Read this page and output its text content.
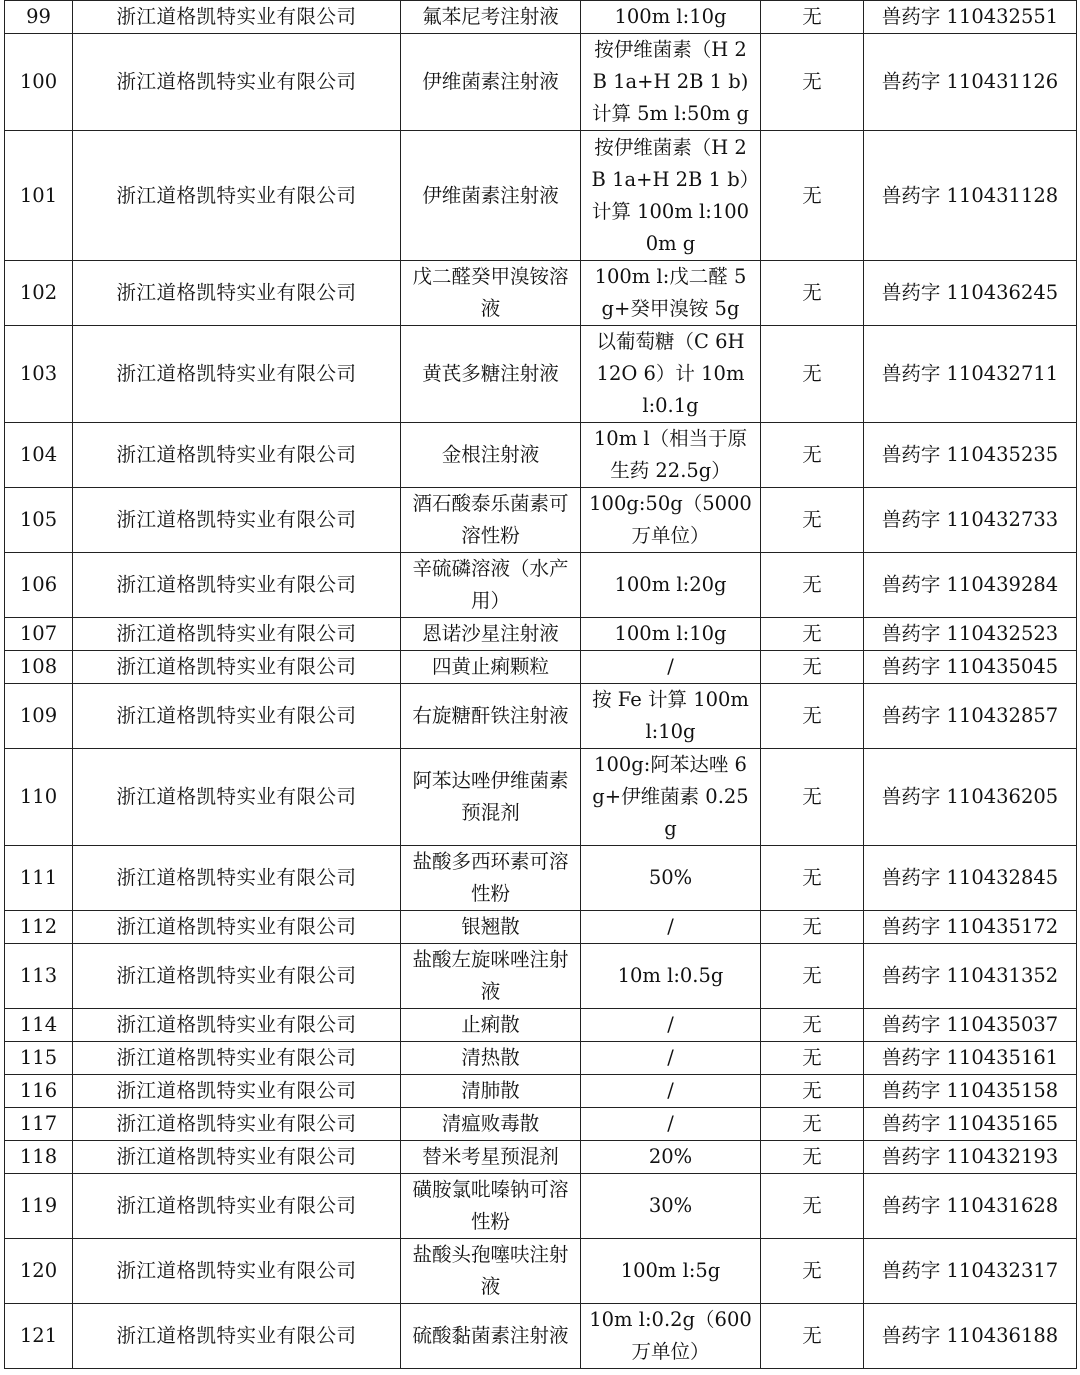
99	浙江道格凯特实业有限公司	氟苯尼考注射液	100m l:10g	无	兽药字 110432551
100	浙江道格凯特实业有限公司	伊维菌素注射液	按伊维菌素（H 2B 1a+H 2B 1 b)计算 5m l:50m g	无	兽药字 110431126
101	浙江道格凯特实业有限公司	伊维菌素注射液	按伊维菌素（H 2B 1a+H 2B 1 b）计算 100m l:1000m g	无	兽药字 110431128
102	浙江道格凯特实业有限公司	戊二醛癸甲溴铵溶液	100m l:戊二醛 5g+癸甲溴铵 5g	无	兽药字 110436245
103	浙江道格凯特实业有限公司	黄芪多糖注射液	以葡萄糖（C 6H 12O 6）计 10m l:0.1g	无	兽药字 110432711
104	浙江道格凯特实业有限公司	金根注射液	10m l（相当于原生药 22.5g）	无	兽药字 110435235
105	浙江道格凯特实业有限公司	酒石酸泰乐菌素可溶性粉	100g:50g（5000 万单位）	无	兽药字 110432733
106	浙江道格凯特实业有限公司	辛硫磷溶液（水产用）	100m l:20g	无	兽药字 110439284
107	浙江道格凯特实业有限公司	恩诺沙星注射液	100m l:10g	无	兽药字 110432523
108	浙江道格凯特实业有限公司	四黄止痢颗粒	/	无	兽药字 110435045
109	浙江道格凯特实业有限公司	右旋糖酐铁注射液	按 Fe 计算 100m l:10g	无	兽药字 110432857
110	浙江道格凯特实业有限公司	阿苯达唑伊维菌素预混剂	100g:阿苯达唑 6g+伊维菌素 0.25g	无	兽药字 110436205
111	浙江道格凯特实业有限公司	盐酸多西环素可溶性粉	50%	无	兽药字 110432845
112	浙江道格凯特实业有限公司	银翘散	/	无	兽药字 110435172
113	浙江道格凯特实业有限公司	盐酸左旋咪唑注射液	10m l:0.5g	无	兽药字 110431352
114	浙江道格凯特实业有限公司	止痢散	/	无	兽药字 110435037
115	浙江道格凯特实业有限公司	清热散	/	无	兽药字 110435161
116	浙江道格凯特实业有限公司	清肺散	/	无	兽药字 110435158
117	浙江道格凯特实业有限公司	清瘟败毒散	/	无	兽药字 110435165
118	浙江道格凯特实业有限公司	替米考星预混剂	20%	无	兽药字 110432193
119	浙江道格凯特实业有限公司	磺胺氯吡嗪钠可溶性粉	30%	无	兽药字 110431628
120	浙江道格凯特实业有限公司	盐酸头孢噻呋注射液	100m l:5g	无	兽药字 110432317
121	浙江道格凯特实业有限公司	硫酸黏菌素注射液	10m l:0.2g（600 万单位）	无	兽药字 110436188
